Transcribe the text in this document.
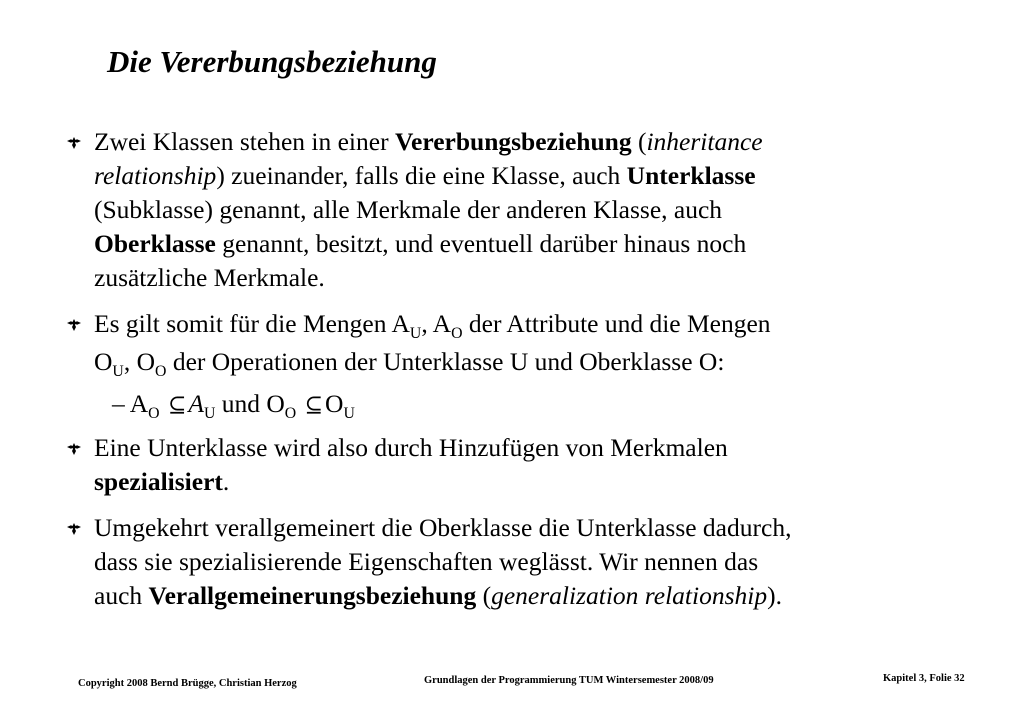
Die Vererbungsbeziehung
Zwei Klassen stehen in einer Vererbungsbeziehung (inheritance
relationship) zueinander, falls die eine Klasse, auch Unterklasse
(Subklasse) genannt, alle Merkmale der anderen Klasse, auch
Oberklasse genannt, besitzt, und eventuell darüber hinaus noch
zusätzliche Merkmale.
Es gilt somit für die Mengen $A_U$, $A_O$ der Attribute und die Mengen
$O_U$, $O_O$ der Operationen der Unterklasse U und Oberklasse O:
– $A_O$ $⊆A_U$ und $O_O$ $⊆O_U$
Eine Unterklasse wird also durch Hinzufügen von Merkmalen
spezialisiert.
Umgekehrt verallgemeinert die Oberklasse die Unterklasse dadurch,
dass sie spezialisierende Eigenschaften weglässt. Wir nennen das
auch Verallgemeinerungsbeziehung (generalization relationship).
Copyright 2008 Bernd Brügge, Christian Herzog	Grundlagen der Programmierung TUM Wintersemester 2008/09	Kapitel 3, Folie 32
